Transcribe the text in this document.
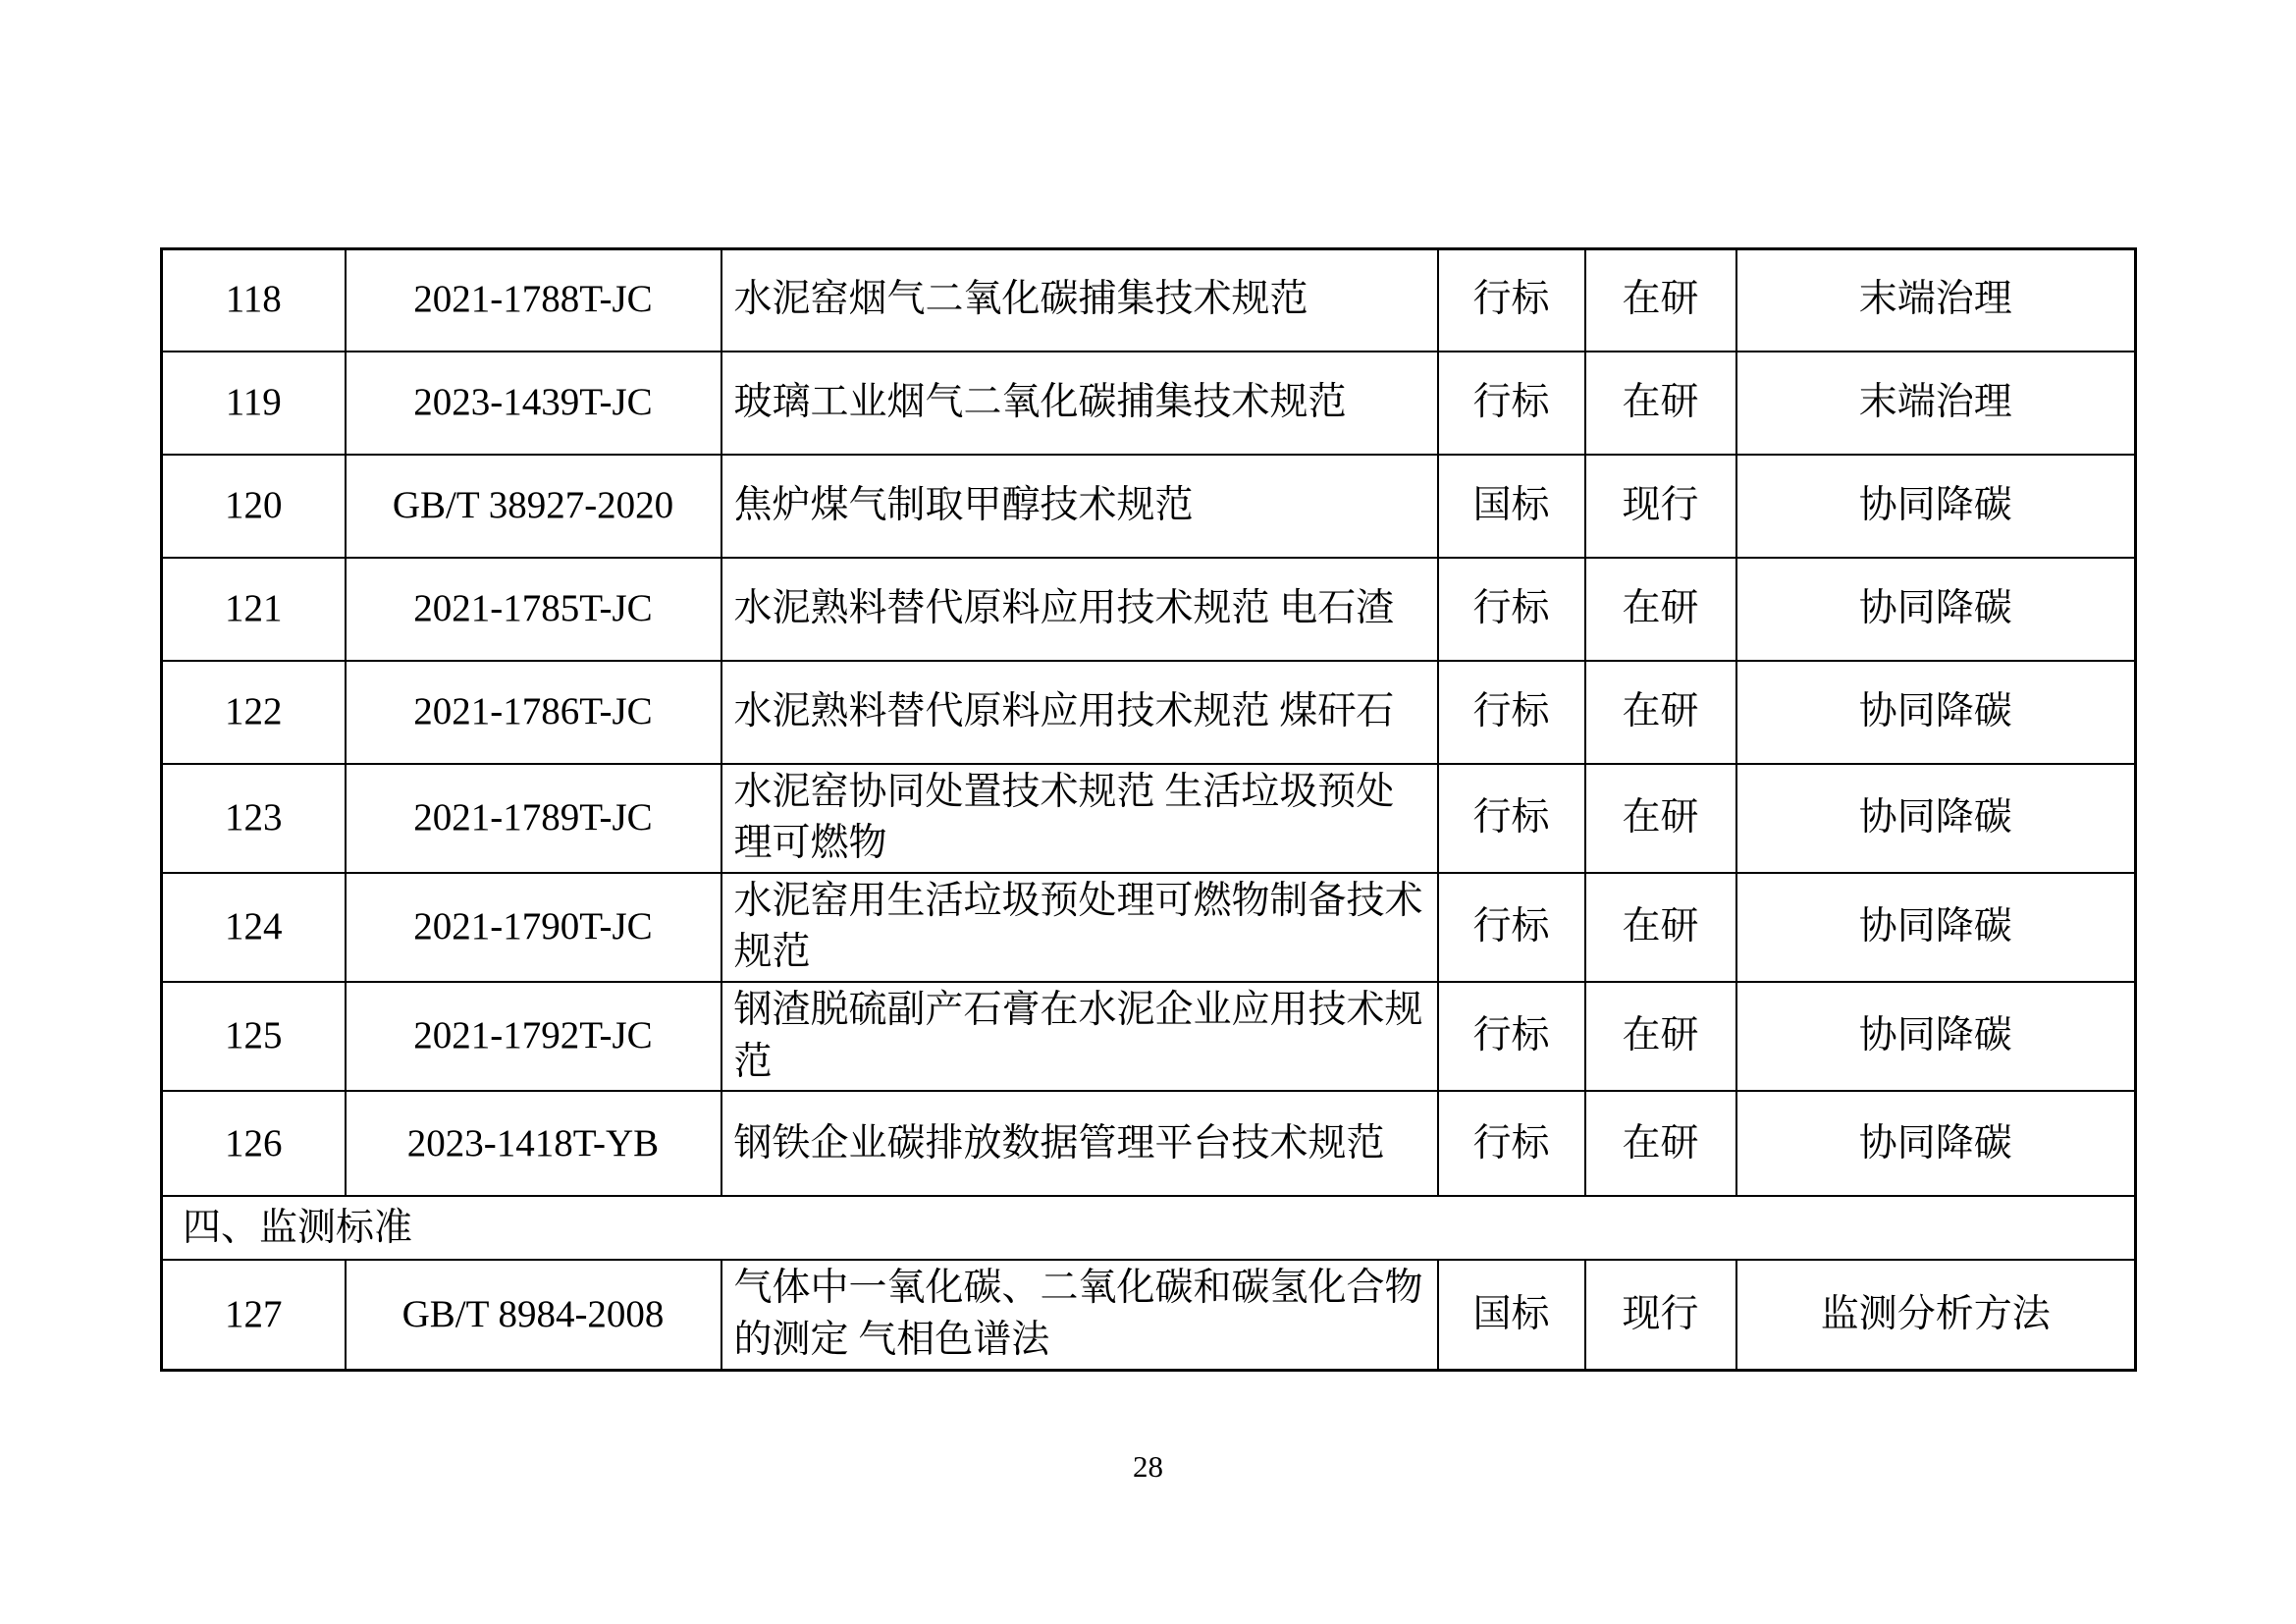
118	2021-1788T-JC	水泥窑烟气二氧化碳捕集技术规范	行标	在研	末端治理
119	2023-1439T-JC	玻璃工业烟气二氧化碳捕集技术规范	行标	在研	末端治理
120	GB/T 38927-2020	焦炉煤气制取甲醇技术规范	国标	现行	协同降碳
121	2021-1785T-JC	水泥熟料替代原料应用技术规范 电石渣	行标	在研	协同降碳
122	2021-1786T-JC	水泥熟料替代原料应用技术规范 煤矸石	行标	在研	协同降碳
123	2021-1789T-JC	水泥窑协同处置技术规范 生活垃圾预处理可燃物	行标	在研	协同降碳
124	2021-1790T-JC	水泥窑用生活垃圾预处理可燃物制备技术规范	行标	在研	协同降碳
125	2021-1792T-JC	钢渣脱硫副产石膏在水泥企业应用技术规范	行标	在研	协同降碳
126	2023-1418T-YB	钢铁企业碳排放数据管理平台技术规范	行标	在研	协同降碳
四、监测标准					
127	GB/T 8984-2008	气体中一氧化碳、二氧化碳和碳氢化合物的测定 气相色谱法	国标	现行	监测分析方法
28
